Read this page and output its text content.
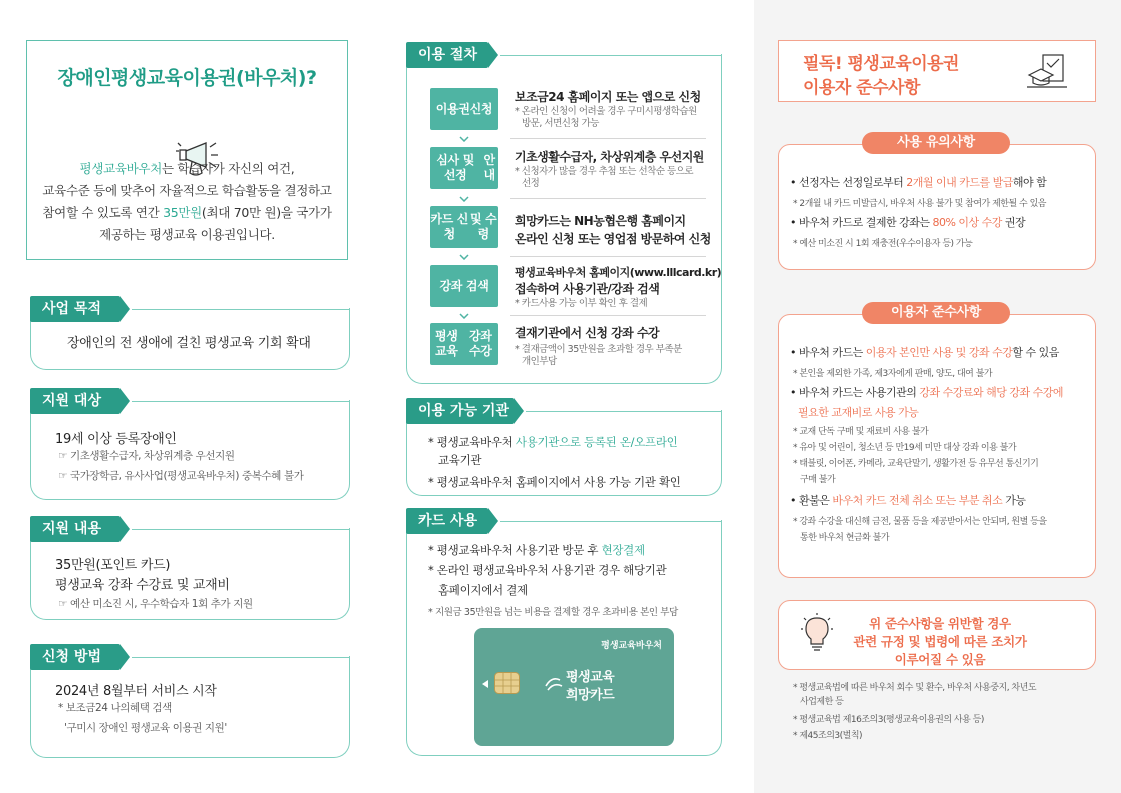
장애인평생교육이용권(바우처)?
평생교육바우처는 학습자가 자신의 여건,
교육수준 등에 맞추어 자율적으로 학습활동을 결정하고
참여할 수 있도록 연간 35만원(최대 70만 원)을 국가가
제공하는 평생교육 이용권입니다.
사업 목적
장애인의 전 생애에 걸친 평생교육 기회 확대
지원 대상
19세 이상 등록장애인
☞ 기초생활수급자, 차상위계층 우선지원
☞ 국가장학금, 유사사업(평생교육바우처) 중복수혜 불가
지원 내용
35만원(포인트 카드)
평생교육 강좌 수강료 및 교재비
☞ 예산 미소진 시, 우수학습자 1회 추가 지원
신청 방법
2024년 8월부터 서비스 시작
* 보조금24 나의혜택 검색
'구미시 장애인 평생교육 이용권 지원'
이용 절차
이용권 신청
보조금24 홈페이지 또는 앱으로 신청
* 온라인 신청이 어려울 경우 구미시평생학습원
방문, 서면신청 가능
심사 및 선정

안내
기초생활수급자, 차상위계층 우선지원
* 신청자가 많을 경우 추첨 또는 선착순 등으로
선정
카드 신청

및 수령
희망카드는 NH농협은행 홈페이지
온라인 신청 또는 영업점 방문하여 신청
강좌 검색
평생교육바우처 홈페이지(www.lllcard.kr)
접속하여 사용기관/강좌 검색
* 카드사용 가능 이부 확인 후 결제
평생교육

강좌 수강
결재기관에서 신청 강좌 수강
* 결재금액이 35만원을 초과할 경우 부족분
개인부담
이용 가능 기관
* 평생교육바우처 사용기관으로 등록된 온/오프라인
교육기관
* 평생교육바우처 홈페이지에서 사용 가능 기관 확인
카드 사용
* 평생교육바우처 사용기관 방문 후 현장결제
* 온라인 평생교육바우처 사용기관 경우 해당기관
홈페이지에서 결제
* 지원금 35만원을 넘는 비용을 결제할 경우 초과비용 본인 부담
평생교육바우처
평생교육
희망카드
필독! 평생교육이용권
이용자 준수사항
사용 유의사항
• 선정자는 선정일로부터 2개월 이내 카드를 발급해야 함
* 2개월 내 카드 미발급시, 바우처 사용 불가 및 참여가 제한될 수 있음
• 바우처 카드로 결제한 강좌는 80% 이상 수강 권장
* 예산 미소진 시 1회 재충전(우수이용자 등) 가능
이용자 준수사항
• 바우처 카드는 이용자 본인만 사용 및 강좌 수강할 수 있음
* 본인을 제외한 가족, 제3자에게 판매, 양도, 대여 불가
• 바우처 카드는 사용기관의 강좌 수강료와 해당 강좌 수강에
필요한 교재비로 사용 가능
* 교재 단독 구매 및 재료비 사용 불가
* 유아 및 어린이, 청소년 등 만19세 미만 대상 강좌 이용 불가
* 태블릿, 이어폰, 카메라, 교육단말기, 생활가전 등 유무선 통신기기
구매 불가
• 환불은 바우처 카드 전체 취소 또는 부분 취소 가능
* 강좌 수강을 대신해 금전, 물품 등을 제공받아서는 안되며, 원별 등을
통한 바우처 현금화 불가
위 준수사항을 위반할 경우
관련 규정 및 법령에 따른 조치가
이루어질 수 있음
* 평생교육법에 따른 바우처 회수 및 환수, 바우처 사용중지, 차년도
사업제한 등
* 평생교육법 제16조의3(평생교육이용권의 사용 등)
* 제45조의3(벌칙)
